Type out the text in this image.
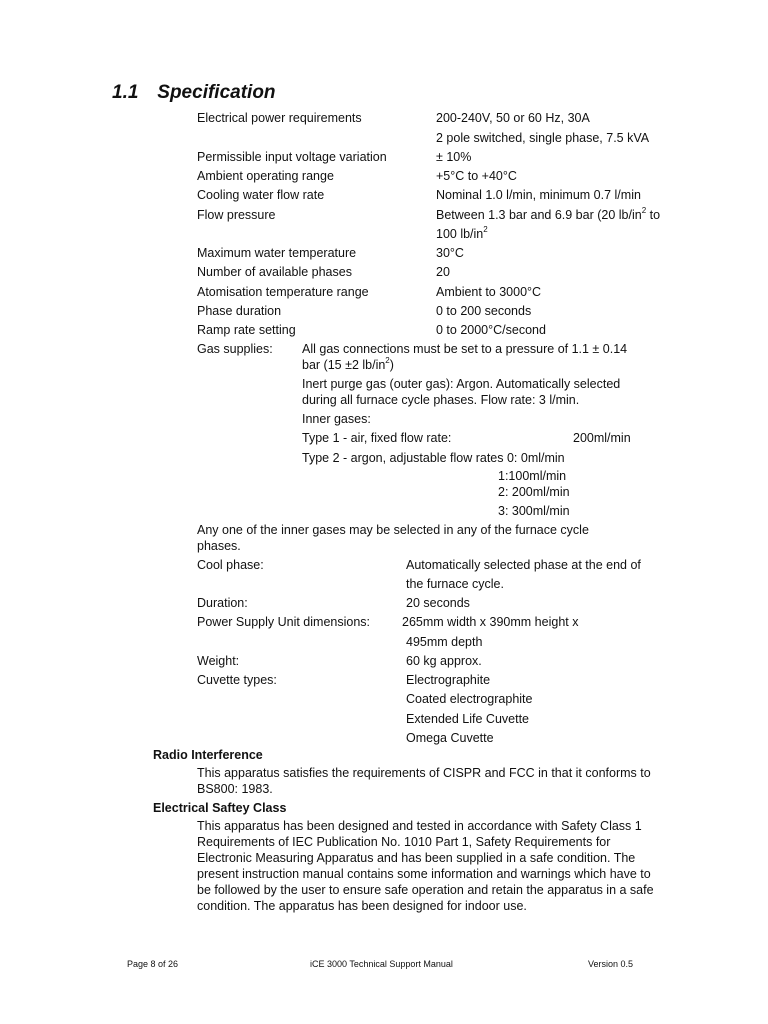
1.1 Specification
Electrical power requirements	200-240V, 50 or 60 Hz, 30A
2 pole switched, single phase, 7.5 kVA
Permissible input voltage variation	± 10%
Ambient operating range	+5°C to +40°C
Cooling water flow rate	Nominal 1.0 l/min, minimum 0.7 l/min
Flow pressure	Between 1.3 bar and 6.9 bar (20 $lb/in^2$ to
100 $lb/in^2$
Maximum water temperature	30°C
Number of available phases	20
Atomisation temperature range	Ambient to 3000°C
Phase duration	0 to 200 seconds
Ramp rate setting	0 to 2000°C/second
Gas supplies: All gas connections must be set to a pressure of 1.1 ± 0.14
bar (15 ±2 $lb/in^2$)
Inert purge gas (outer gas): Argon. Automatically selected
during all furnace cycle phases. Flow rate: 3 l/min.
Inner gases:
Type 1 - air, fixed flow rate:	200ml/min
Type 2 - argon, adjustable flow rates 0: 0ml/min
1:100ml/min
2: 200ml/min
3: 300ml/min
Any one of the inner gases may be selected in any of the furnace cycle
phases.
Cool phase:	Automatically selected phase at the end of
the furnace cycle.
Duration:	20 seconds
Power Supply Unit dimensions:	265mm width x 390mm height x
495mm depth
Weight:	60 kg approx.
Cuvette types:	Electrographite
Coated electrographite
Extended Life Cuvette
Omega Cuvette
Radio Interference
This apparatus satisfies the requirements of CISPR and FCC in that it conforms to BS800: 1983.
Electrical Saftey Class
This apparatus has been designed and tested in accordance with Safety Class 1 Requirements of IEC Publication No. 1010 Part 1, Safety Requirements for Electronic Measuring Apparatus and has been supplied in a safe condition. The present instruction manual contains some information and warnings which have to be followed by the user to ensure safe operation and retain the apparatus in a safe condition. The apparatus has been designed for indoor use.
Page 8 of 26	iCE 3000 Technical Support Manual	Version 0.5
